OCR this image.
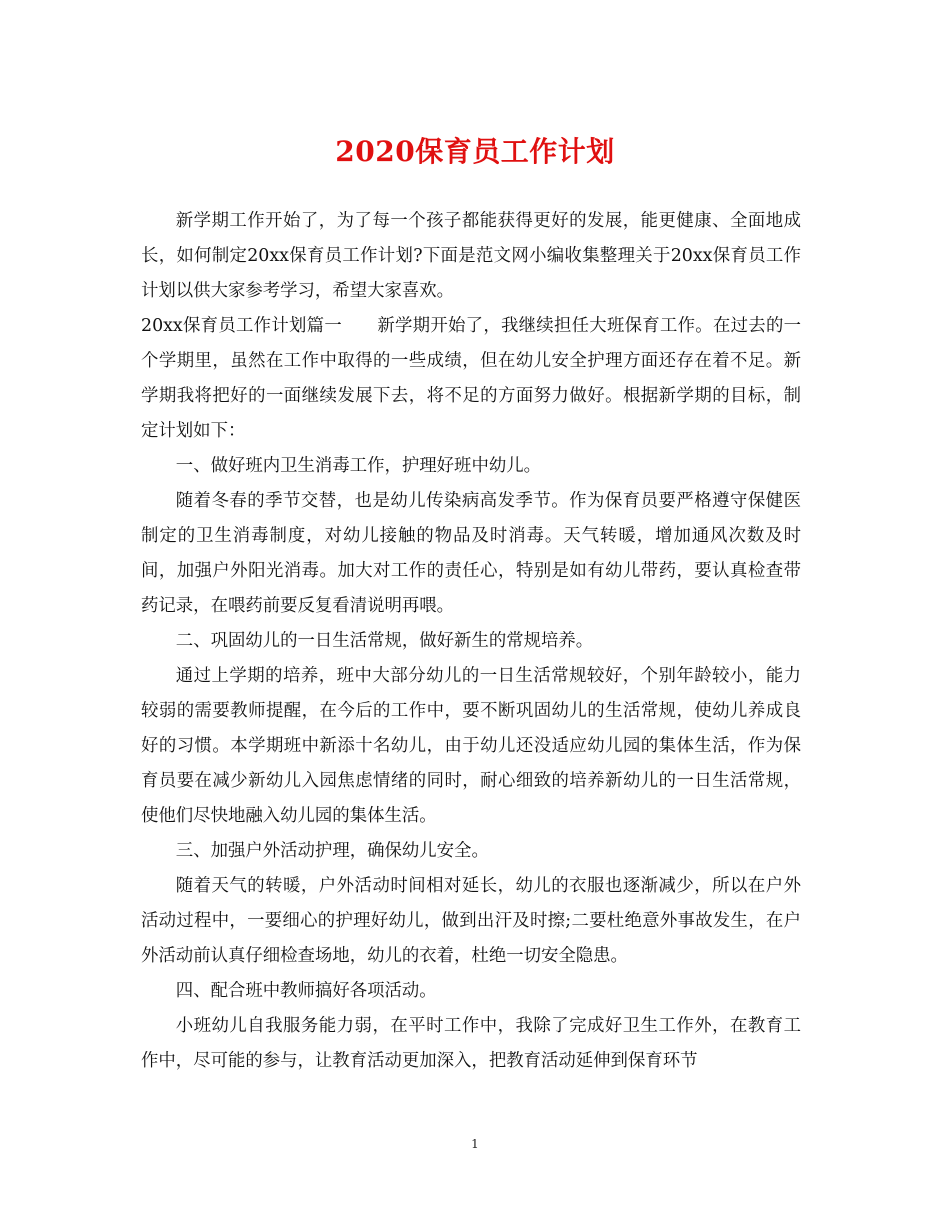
2020保育员工作计划

新学期工作开始了，为了每一个孩子都能获得更好的发展，能更健康、全面地成长，如何制定20xx保育员工作计划?下面是范文网小编收集整理关于20xx保育员工作计划以供大家参考学习，希望大家喜欢。

20xx保育员工作计划篇一　　新学期开始了，我继续担任大班保育工作。在过去的一个学期里，虽然在工作中取得的一些成绩，但在幼儿安全护理方面还存在着不足。新学期我将把好的一面继续发展下去，将不足的方面努力做好。根据新学期的目标，制定计划如下：

一、做好班内卫生消毒工作，护理好班中幼儿。

随着冬春的季节交替，也是幼儿传染病高发季节。作为保育员要严格遵守保健医制定的卫生消毒制度，对幼儿接触的物品及时消毒。天气转暖，增加通风次数及时间，加强户外阳光消毒。加大对工作的责任心，特别是如有幼儿带药，要认真检查带药记录，在喂药前要反复看清说明再喂。

二、巩固幼儿的一日生活常规，做好新生的常规培养。

通过上学期的培养，班中大部分幼儿的一日生活常规较好，个别年龄较小，能力较弱的需要教师提醒，在今后的工作中，要不断巩固幼儿的生活常规，使幼儿养成良好的习惯。本学期班中新添十名幼儿，由于幼儿还没适应幼儿园的集体生活，作为保育员要在减少新幼儿入园焦虑情绪的同时，耐心细致的培养新幼儿的一日生活常规，使他们尽快地融入幼儿园的集体生活。

三、加强户外活动护理，确保幼儿安全。

随着天气的转暖，户外活动时间相对延长，幼儿的衣服也逐渐减少，所以在户外活动过程中，一要细心的护理好幼儿，做到出汗及时擦;二要杜绝意外事故发生，在户外活动前认真仔细检查场地，幼儿的衣着，杜绝一切安全隐患。

四、配合班中教师搞好各项活动。

小班幼儿自我服务能力弱，在平时工作中，我除了完成好卫生工作外，在教育工作中，尽可能的参与，让教育活动更加深入，把教育活动延伸到保育环节

1
